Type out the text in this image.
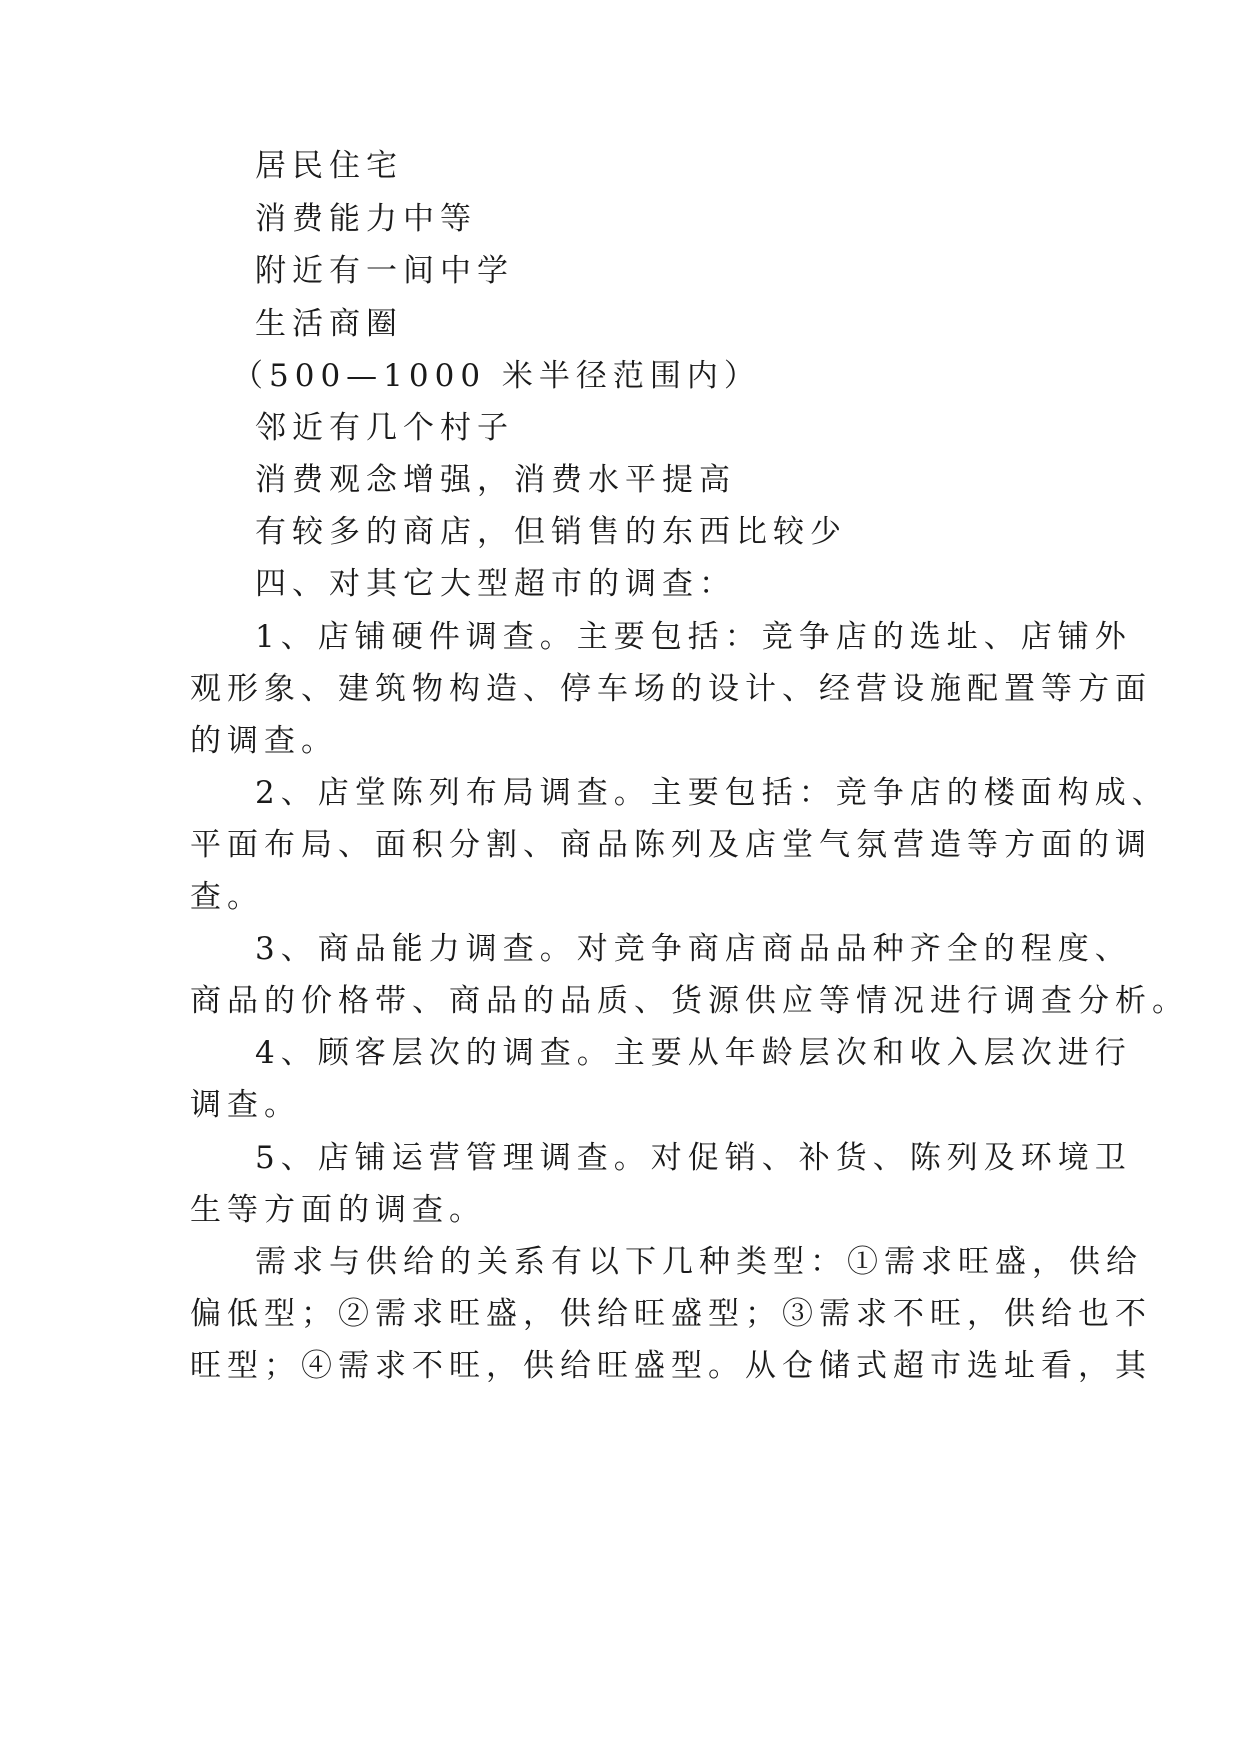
居民住宅
消费能力中等
附近有一间中学
生活商圈
（500—1000 米半径范围内）
邻近有几个村子
消费观念增强，消费水平提高
有较多的商店，但销售的东西比较少
四、对其它大型超市的调查：
1、店铺硬件调查。主要包括：竞争店的选址、店铺外
观形象、建筑物构造、停车场的设计、经营设施配置等方面
的调查。
2、店堂陈列布局调查。主要包括：竞争店的楼面构成、
平面布局、面积分割、商品陈列及店堂气氛营造等方面的调
查。
3、商品能力调查。对竞争商店商品品种齐全的程度、
商品的价格带、商品的品质、货源供应等情况进行调查分析。
4、顾客层次的调查。主要从年龄层次和收入层次进行
调查。
5、店铺运营管理调查。对促销、补货、陈列及环境卫
生等方面的调查。
需求与供给的关系有以下几种类型：①需求旺盛，供给
偏低型；②需求旺盛，供给旺盛型；③需求不旺，供给也不
旺型；④需求不旺，供给旺盛型。从仓储式超市选址看，其
